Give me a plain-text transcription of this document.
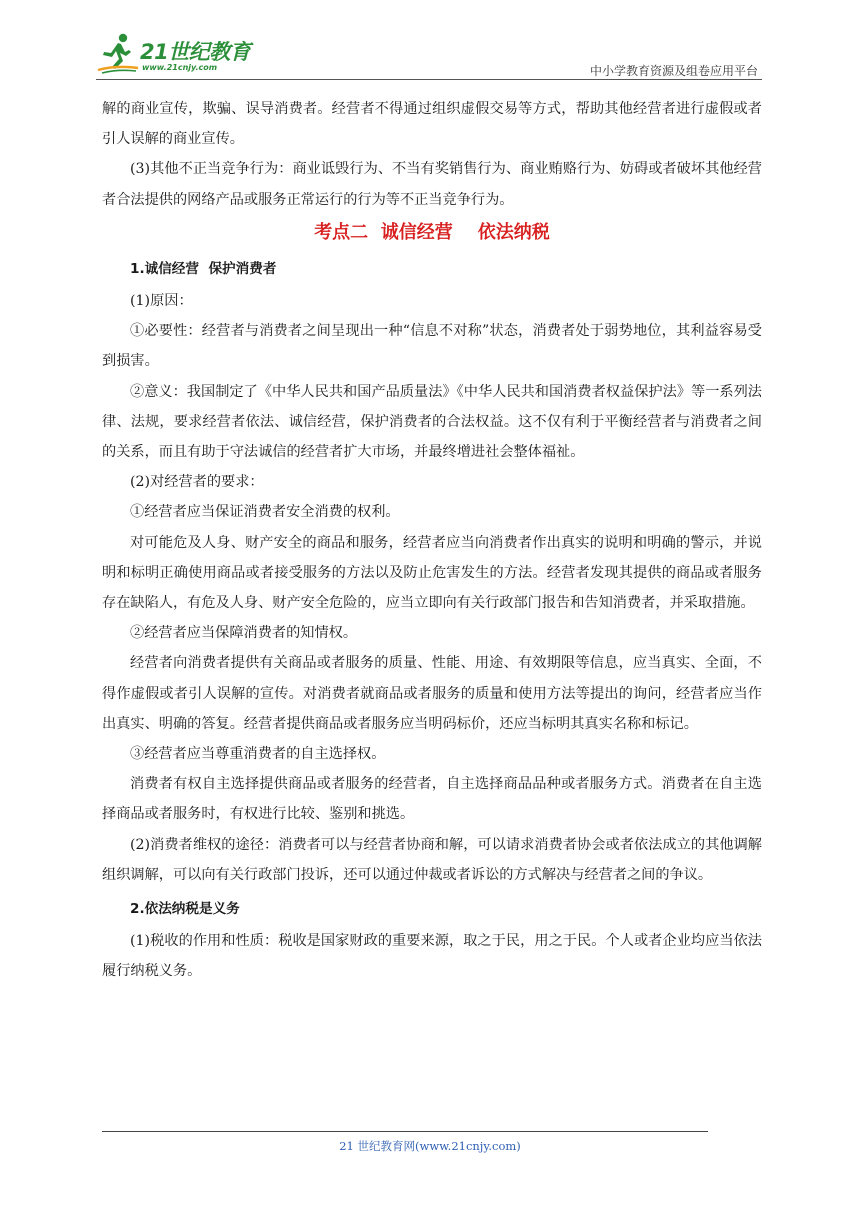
21世纪教育
www.21cnjy.com	中小学教育资源及组卷应用平台

解的商业宣传，欺骗、误导消费者。经营者不得通过组织虚假交易等方式，帮助其他经营者进行虚假或者引人误解的商业宣传。

(3)其他不正当竞争行为：商业诋毁行为、不当有奖销售行为、商业贿赂行为、妨碍或者破坏其他经营者合法提供的网络产品或服务正常运行的行为等不正当竞争行为。

考点二  诚信经营    依法纳税

1.诚信经营  保护消费者

(1)原因：

①必要性：经营者与消费者之间呈现出一种“信息不对称”状态，消费者处于弱势地位，其利益容易受到损害。

②意义：我国制定了《中华人民共和国产品质量法》《中华人民共和国消费者权益保护法》等一系列法律、法规，要求经营者依法、诚信经营，保护消费者的合法权益。这不仅有利于平衡经营者与消费者之间的关系，而且有助于守法诚信的经营者扩大市场，并最终增进社会整体福祉。

(2)对经营者的要求：

①经营者应当保证消费者安全消费的权利。

对可能危及人身、财产安全的商品和服务，经营者应当向消费者作出真实的说明和明确的警示，并说明和标明正确使用商品或者接受服务的方法以及防止危害发生的方法。经营者发现其提供的商品或者服务存在缺陷人，有危及人身、财产安全危险的，应当立即向有关行政部门报告和告知消费者，并采取措施。

②经营者应当保障消费者的知情权。

经营者向消费者提供有关商品或者服务的质量、性能、用途、有效期限等信息，应当真实、全面，不得作虚假或者引人误解的宣传。对消费者就商品或者服务的质量和使用方法等提出的询问，经营者应当作出真实、明确的答复。经营者提供商品或者服务应当明码标价，还应当标明其真实名称和标记。

③经营者应当尊重消费者的自主选择权。

消费者有权自主选择提供商品或者服务的经营者，自主选择商品品种或者服务方式。消费者在自主选择商品或者服务时，有权进行比较、鉴别和挑选。

(2)消费者维权的途径：消费者可以与经营者协商和解，可以请求消费者协会或者依法成立的其他调解组织调解，可以向有关行政部门投诉，还可以通过仲裁或者诉讼的方式解决与经营者之间的争议。

2.依法纳税是义务

(1)税收的作用和性质：税收是国家财政的重要来源，取之于民，用之于民。个人或者企业均应当依法履行纳税义务。

21 世纪教育网(www.21cnjy.com)
